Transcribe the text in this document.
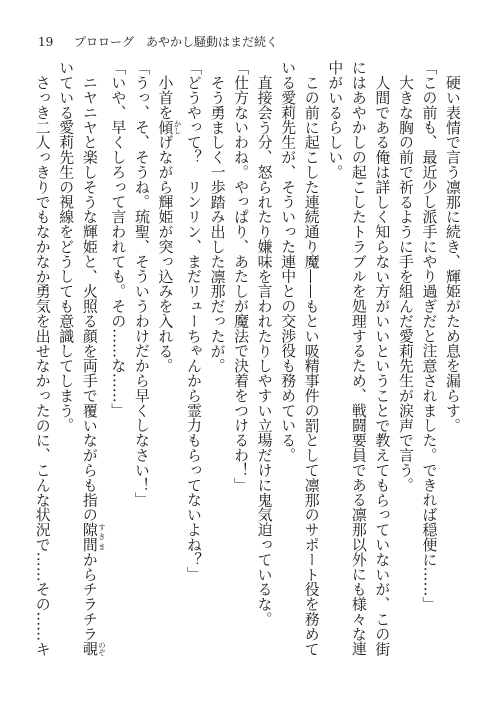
19 プロローグ　あやかし騒動はまだ続く
硬い表情で言う凛那に続き、輝姫がため息を漏らす。
「この前も、最近少し派手にやり過ぎだと注意されました。できれば穏便に……」
大きな胸の前で祈るように手を組んだ愛莉先生が涙声で言う。
人間である俺は詳しく知らない方がいいということで教えてもらっていないが、この街
にはあやかしの起こしたトラブルを処理するため、戦闘要員である凛那以外にも様々な連
中がいるらしい。
この前に起こした連続通り魔——もとい吸精事件の罰として凛那のサポート役を務めて
いる愛莉先生が、そういった連中との交渉役も務めている。
直接会う分、怒られたり嫌味を言われたりしやすい立場だけに鬼気迫っているな。
「仕方ないわね。やっぱり、あたしが魔法で決着をつけるわ！」
そう勇ましく一歩踏み出した凛那だったが。
「どうやって？　リンリン、まだリューちゃんから霊力もらってないよね？」
小首を傾かしげながら輝姫が突っ込みを入れる。
「うっ、そ、そうね。琉聖、そういうわけだから早くしなさい！」
「いや、早くしろって言われても。その……な……」
ニヤニヤと楽しそうな輝姫と、火照る顔を両手で覆いながらも指の隙間すきまからチラチラ覗のぞ
いている愛莉先生の視線をどうしても意識してしまう。
さっき二人っきりでもなかなか勇気を出せなかったのに、こんな状況で……その……キ
